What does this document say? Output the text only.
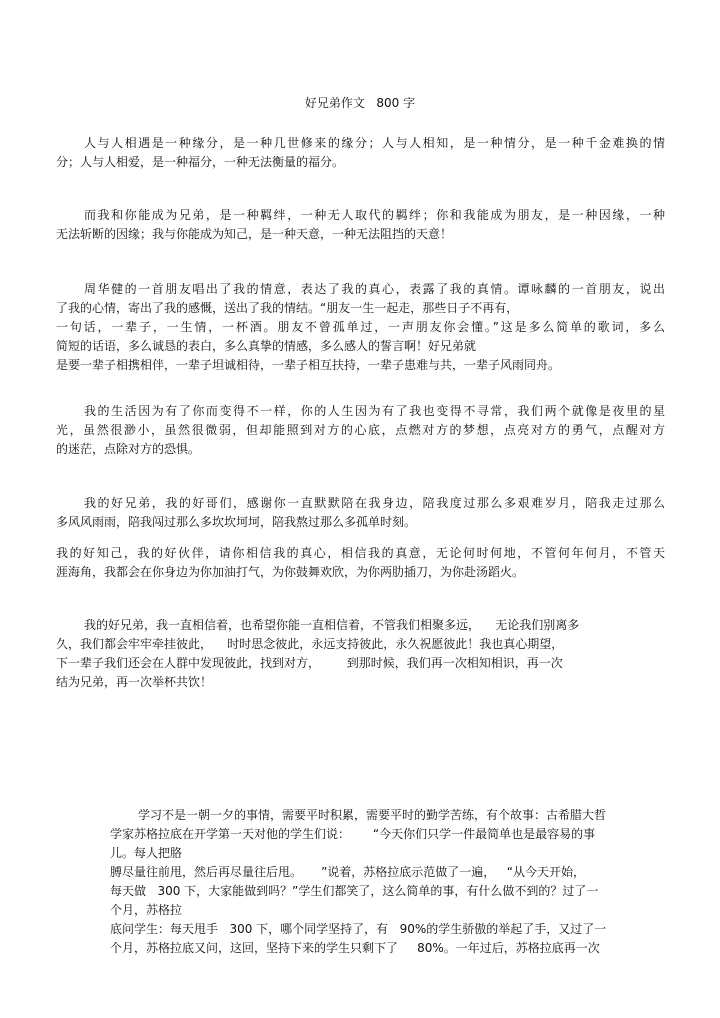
好兄弟作文   800 字
人与人相遇是一种缘分，是一种几世修来的缘分；人与人相知，是一种情分，是一种千金难换的情
分；人与人相爱，是一种福分，一种无法衡量的福分。
而我和你能成为兄弟，是一种羁绊，一种无人取代的羁绊；你和我能成为朋友，是一种因缘，一种
无法斩断的因缘；我与你能成为知己，是一种天意，一种无法阻挡的天意！
周华健的一首朋友唱出了我的情意，表达了我的真心，表露了我的真情。谭咏麟的一首朋友，说出
了我的心情，寄出了我的感慨，送出了我的情结。“朋友一生一起走，那些日子不再有，
一句话，一辈子，一生情，一杯酒。朋友不曾孤单过，一声朋友你会懂。”这是多么简单的歌词，多么
简短的话语，多么诚恳的表白，多么真挚的情感，多么感人的誓言啊！好兄弟就
是要一辈子相携相伴，一辈子坦诚相待，一辈子相互扶持，一辈子患难与共，一辈子风雨同舟。
我的生活因为有了你而变得不一样，你的人生因为有了我也变得不寻常，我们两个就像是夜里的星
光，虽然很渺小，虽然很微弱，但却能照到对方的心底，点燃对方的梦想，点亮对方的勇气，点醒对方
的迷茫，点除对方的恐惧。
我的好兄弟，我的好哥们，感谢你一直默默陪在我身边，陪我度过那么多艰难岁月，陪我走过那么
多风风雨雨，陪我闯过那么多坎坎坷坷，陪我熬过那么多孤单时刻。
我的好知己，我的好伙伴，请你相信我的真心，相信我的真意，无论何时何地，不管何年何月，不管天
涯海角，我都会在你身边为你加油打气，为你鼓舞欢欣，为你两肋插刀，为你赴汤蹈火。
我的好兄弟，我一直相信着，也希望你能一直相信着，不管我们相聚多远，    无论我们别离多
久，我们都会牢牢牵挂彼此，    时时思念彼此，永远支持彼此，永久祝愿彼此！我也真心期望，
下一辈子我们还会在人群中发现彼此，找到对方，       到那时候，我们再一次相知相识，再一次
结为兄弟，再一次举杯共饮！
学习不是一朝一夕的事情，需要平时积累，需要平时的勤学苦练，有个故事：古希腊大哲
学家苏格拉底在开学第一天对他的学生们说：      “今天你们只学一件最简单也是最容易的事
儿。每人把胳
膊尽量往前甩，然后再尽量往后甩。     ”说着，苏格拉底示范做了一遍，   “从今天开始，
每天做   300 下，大家能做到吗？”学生们都笑了，这么简单的事，有什么做不到的？过了一
个月，苏格拉
底问学生：每天甩手   300 下，哪个同学坚持了，有   90%的学生骄傲的举起了手，又过了一
个月，苏格拉底又问，这回，坚持下来的学生只剩下了     80%。一年过后，苏格拉底再一次
